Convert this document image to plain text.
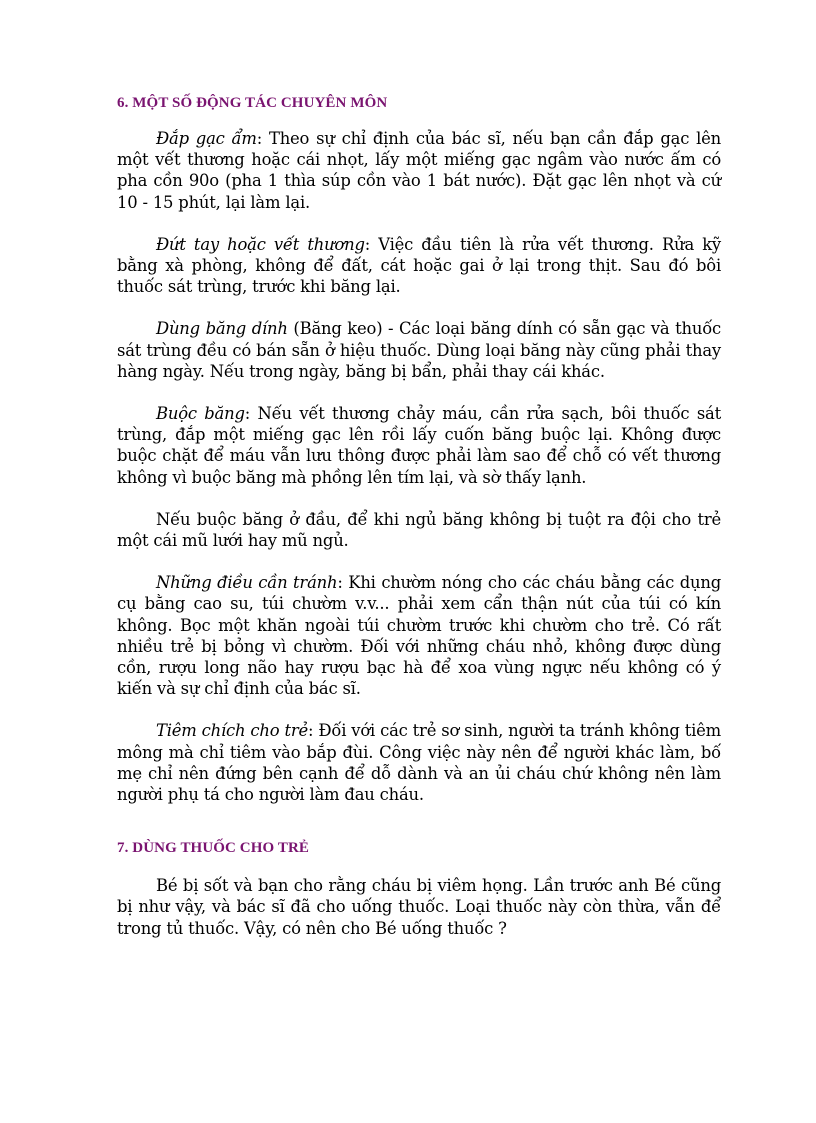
6. MỘT SỐ ĐỘNG TÁC CHUYÊN MÔN

Đắp gạc ẩm: Theo sự chỉ định của bác sĩ, nếu bạn cần đắp gạc lên một vết thương hoặc cái nhọt, lấy một miếng gạc ngâm vào nước ấm có pha cồn 90o (pha 1 thìa súp cồn vào 1 bát nước). Đặt gạc lên nhọt và cứ 10 - 15 phút, lại làm lại.

Đứt tay hoặc vết thương: Việc đầu tiên là rửa vết thương. Rửa kỹ bằng xà phòng, không để đất, cát hoặc gai ở lại trong thịt. Sau đó bôi thuốc sát trùng, trước khi băng lại.

Dùng băng dính (Băng keo) - Các loại băng dính có sẵn gạc và thuốc sát trùng đều có bán sẵn ở hiệu thuốc. Dùng loại băng này cũng phải thay hàng ngày. Nếu trong ngày, băng bị bẩn, phải thay cái khác.

Buộc băng: Nếu vết thương chảy máu, cần rửa sạch, bôi thuốc sát trùng, đắp một miếng gạc lên rồi lấy cuốn băng buộc lại. Không được buộc chặt để máu vẫn lưu thông được phải làm sao để chỗ có vết thương không vì buộc băng mà phồng lên tím lại, và sờ thấy lạnh.

Nếu buộc băng ở đầu, để khi ngủ băng không bị tuột ra đội cho trẻ một cái mũ lưới hay mũ ngủ.

Những điều cần tránh: Khi chườm nóng cho các cháu bằng các dụng cụ bằng cao su, túi chườm v.v... phải xem cẩn thận nút của túi có kín không. Bọc một khăn ngoài túi chườm trước khi chườm cho trẻ. Có rất nhiều trẻ bị bỏng vì chườm. Đối với những cháu nhỏ, không được dùng cồn, rượu long não hay rượu bạc hà để xoa vùng ngực nếu không có ý kiến và sự chỉ định của bác sĩ.

Tiêm chích cho trẻ: Đối với các trẻ sơ sinh, người ta tránh không tiêm mông mà chỉ tiêm vào bắp đùi. Công việc này nên để người khác làm, bố mẹ chỉ nên đứng bên cạnh để dỗ dành và an ủi cháu chứ không nên làm người phụ tá cho người làm đau cháu.

7. DÙNG THUỐC CHO TRẺ

Bé bị sốt và bạn cho rằng cháu bị viêm họng. Lần trước anh Bé cũng bị như vậy, và bác sĩ đã cho uống thuốc. Loại thuốc này còn thừa, vẫn để trong tủ thuốc. Vậy, có nên cho Bé uống thuốc ?
